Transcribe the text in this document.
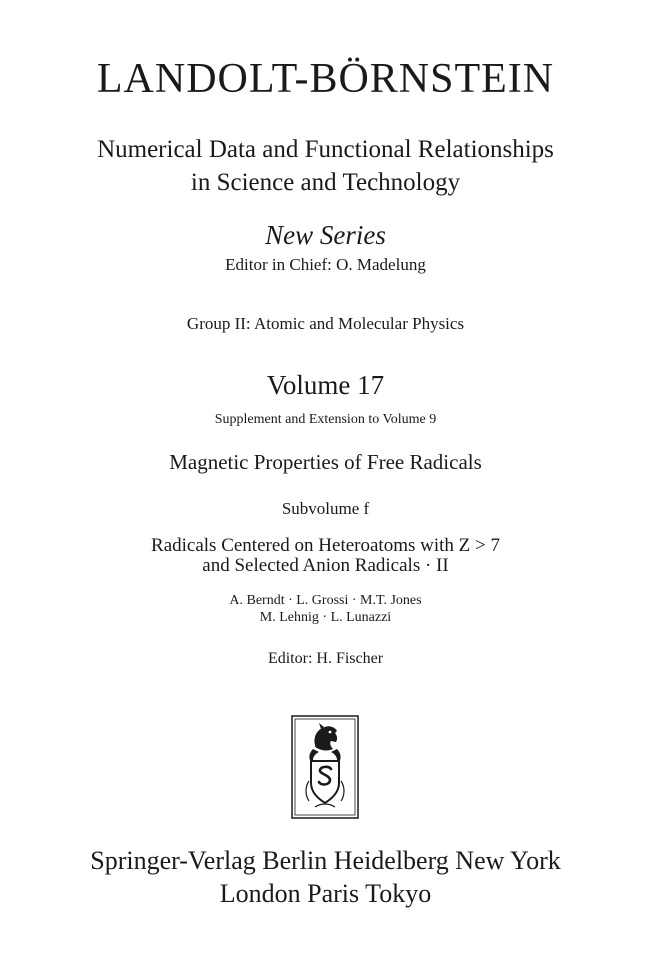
LANDOLT-BÖRNSTEIN
Numerical Data and Functional Relationships
in Science and Technology
New Series
Editor in Chief: O. Madelung
Group II: Atomic and Molecular Physics
Volume 17
Supplement and Extension to Volume 9
Magnetic Properties of Free Radicals
Subvolume f
Radicals Centered on Heteroatoms with Z > 7
and Selected Anion Radicals · II
A. Berndt · L. Grossi · M.T. Jones
M. Lehnig · L. Lunazzi
Editor: H. Fischer
Springer-Verlag Berlin Heidelberg New York
London Paris Tokyo
